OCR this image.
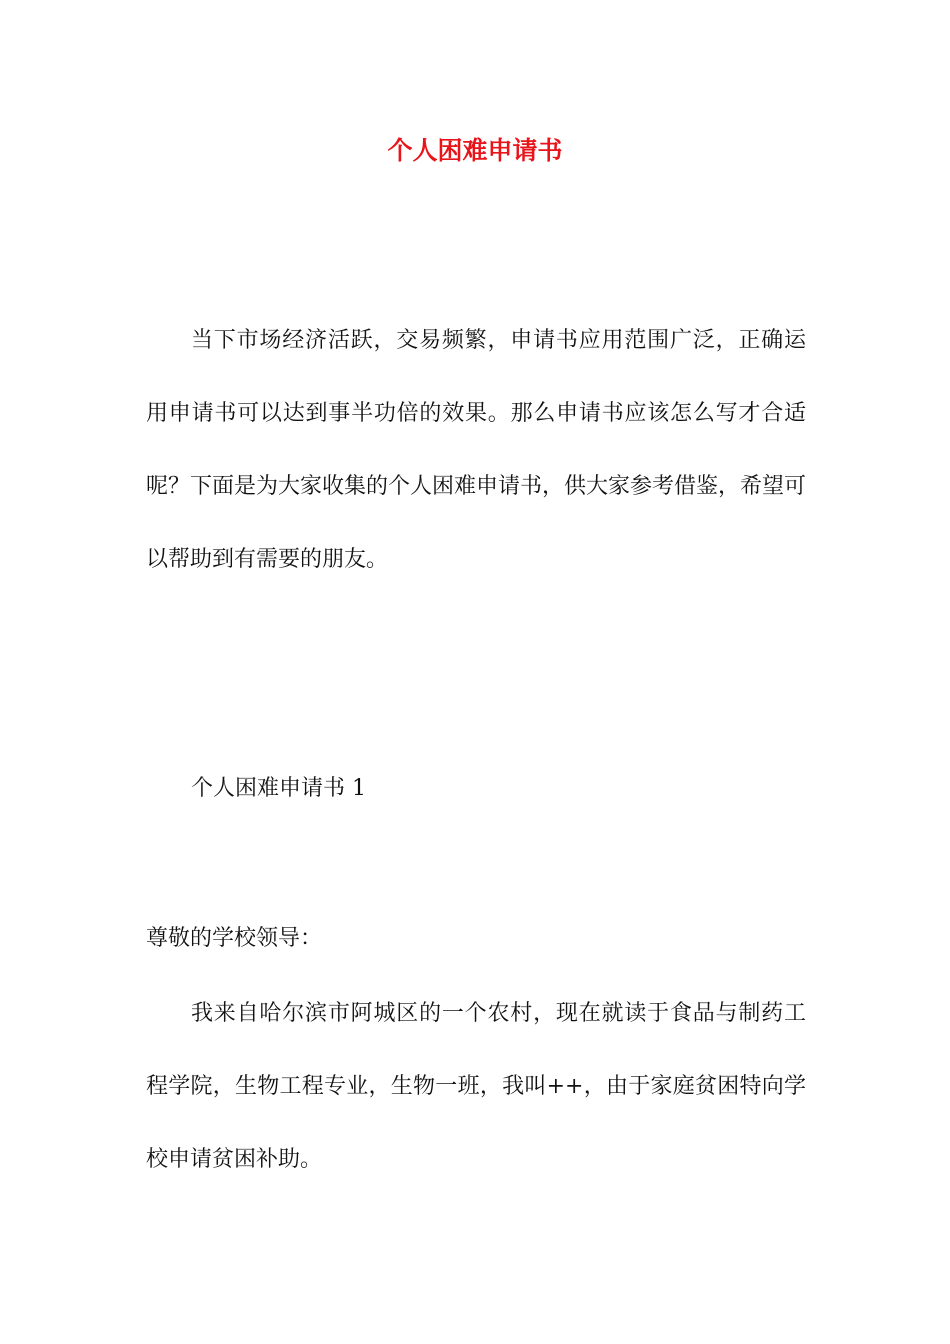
个人困难申请书

当下市场经济活跃，交易频繁，申请书应用范围广泛，正确运用申请书可以达到事半功倍的效果。那么申请书应该怎么写才合适呢？下面是为大家收集的个人困难申请书，供大家参考借鉴，希望可以帮助到有需要的朋友。

个人困难申请书 1

尊敬的学校领导：

我来自哈尔滨市阿城区的一个农村，现在就读于食品与制药工程学院，生物工程专业，生物一班，我叫++，由于家庭贫困特向学校申请贫困补助。
